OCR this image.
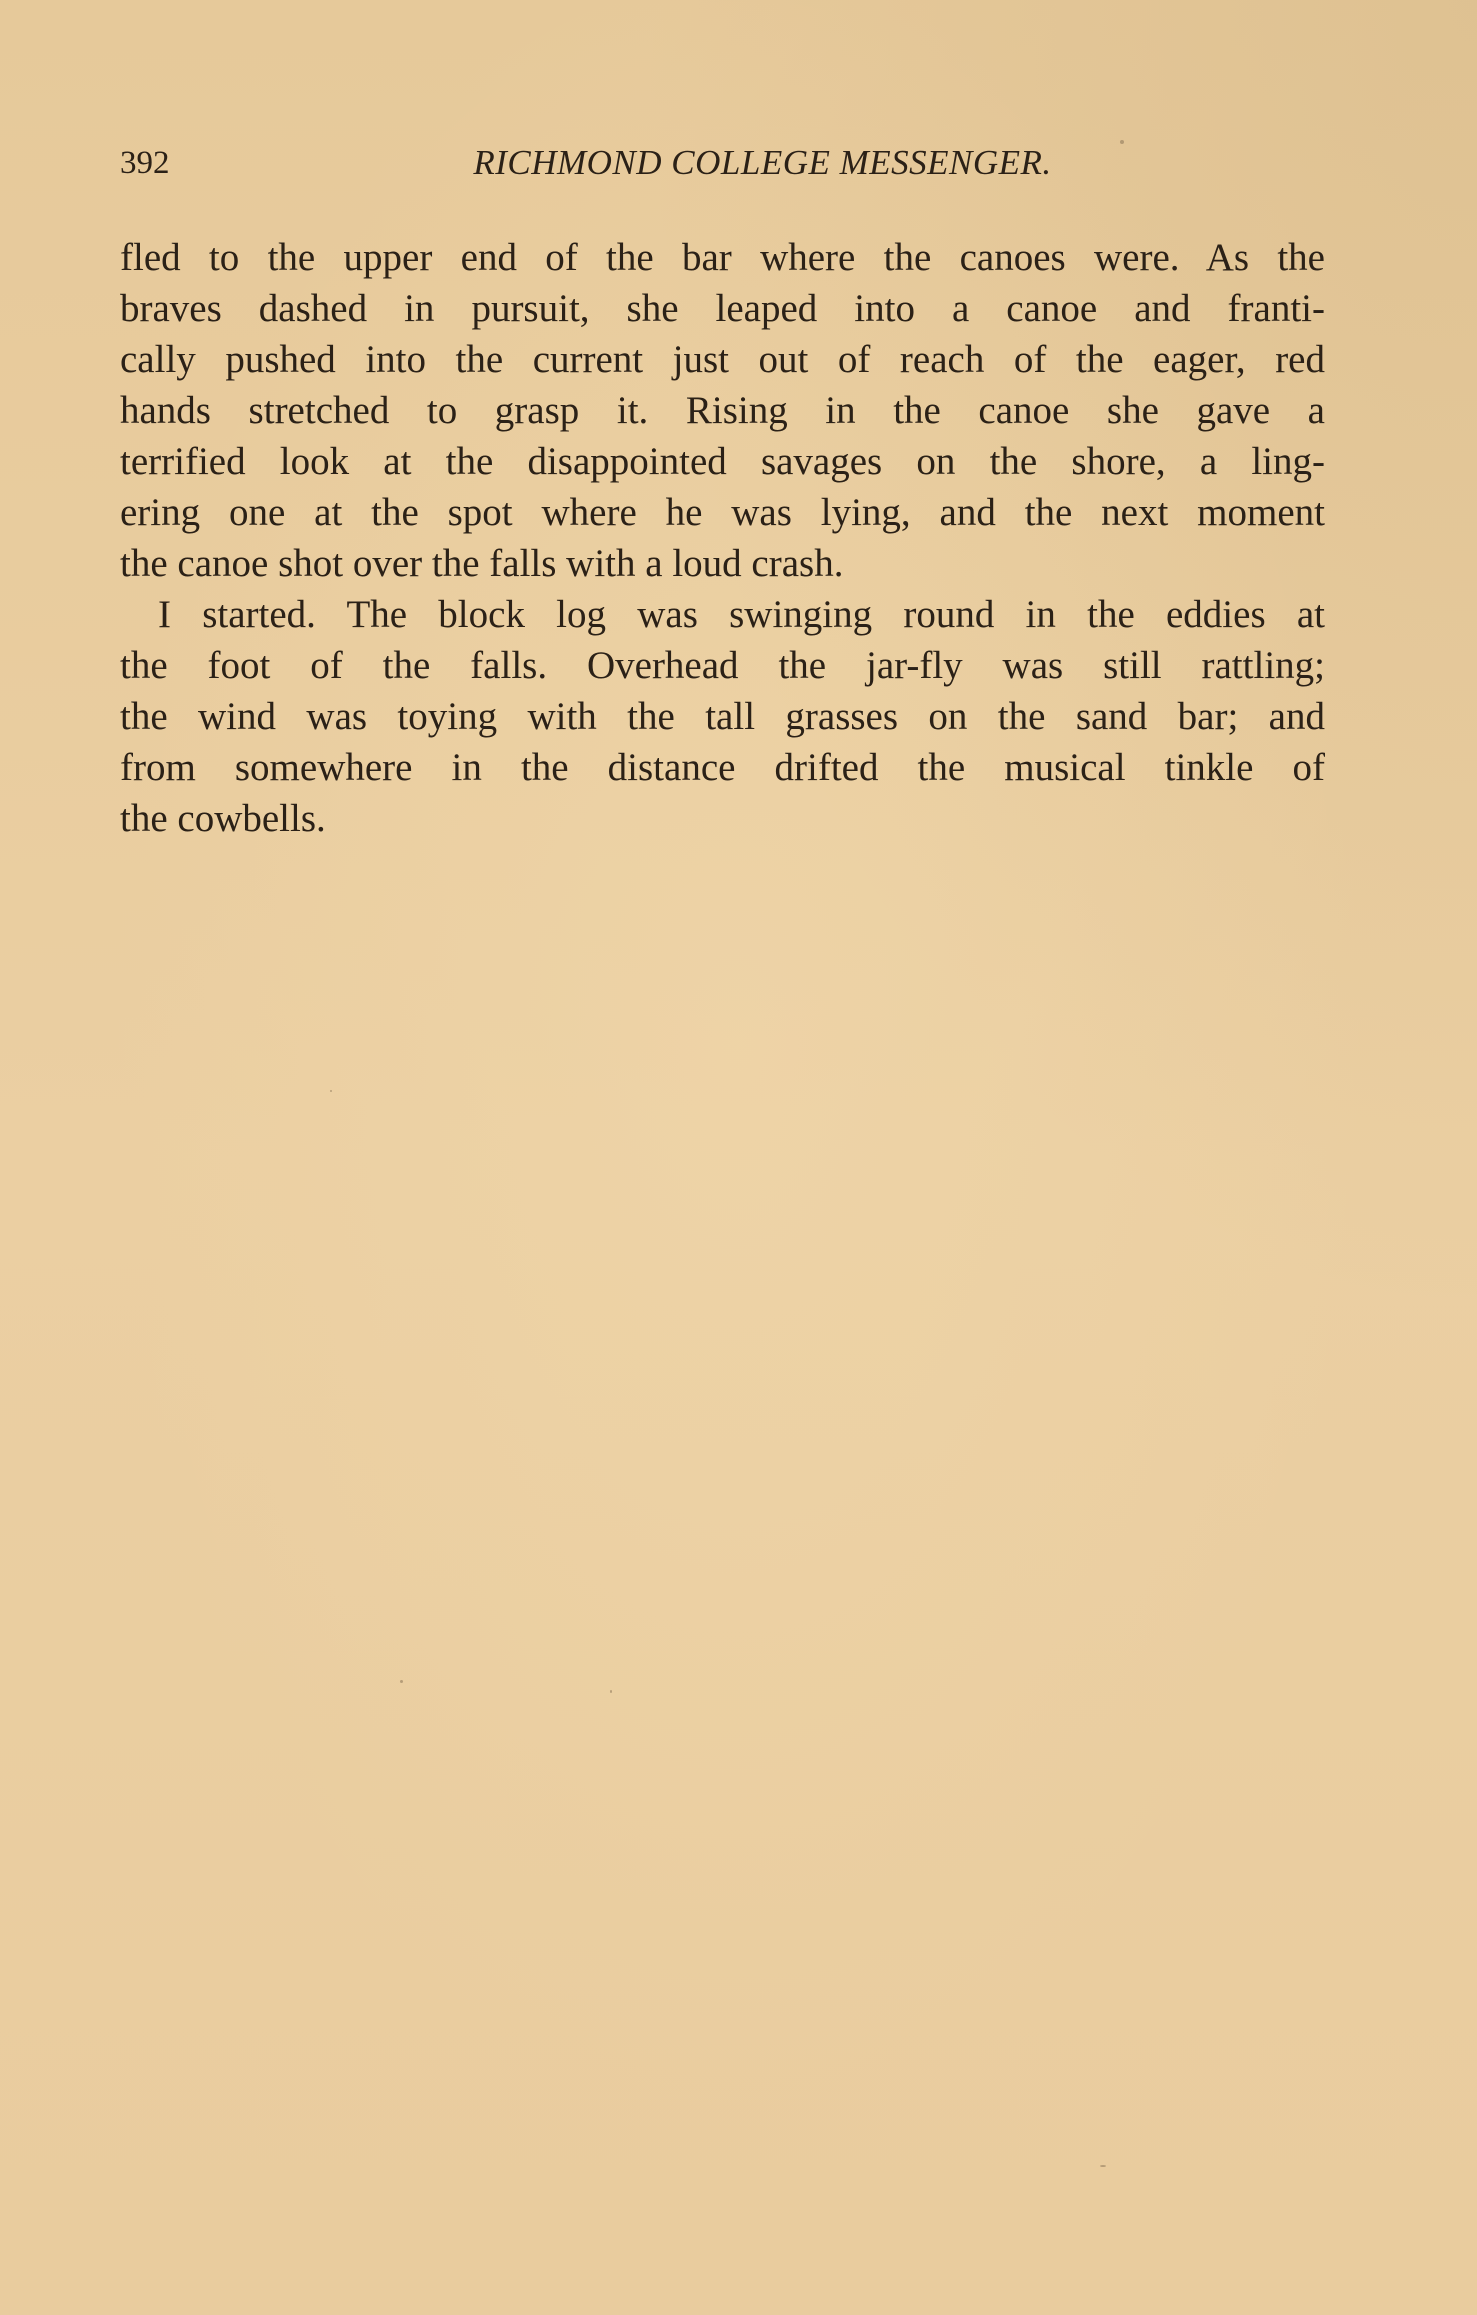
392	RICHMOND COLLEGE MESSENGER.

fled to the upper end of the bar where the canoes were. As the
braves dashed in pursuit, she leaped into a canoe and franti-
cally pushed into the current just out of reach of the eager, red
hands stretched to grasp it. Rising in the canoe she gave a
terrified look at the disappointed savages on the shore, a ling-
ering one at the spot where he was lying, and the next moment
the canoe shot over the falls with a loud crash.

I started. The block log was swinging round in the eddies at
the foot of the falls. Overhead the jar-fly was still rattling;
the wind was toying with the tall grasses on the sand bar; and
from somewhere in the distance drifted the musical tinkle of
the cowbells.
